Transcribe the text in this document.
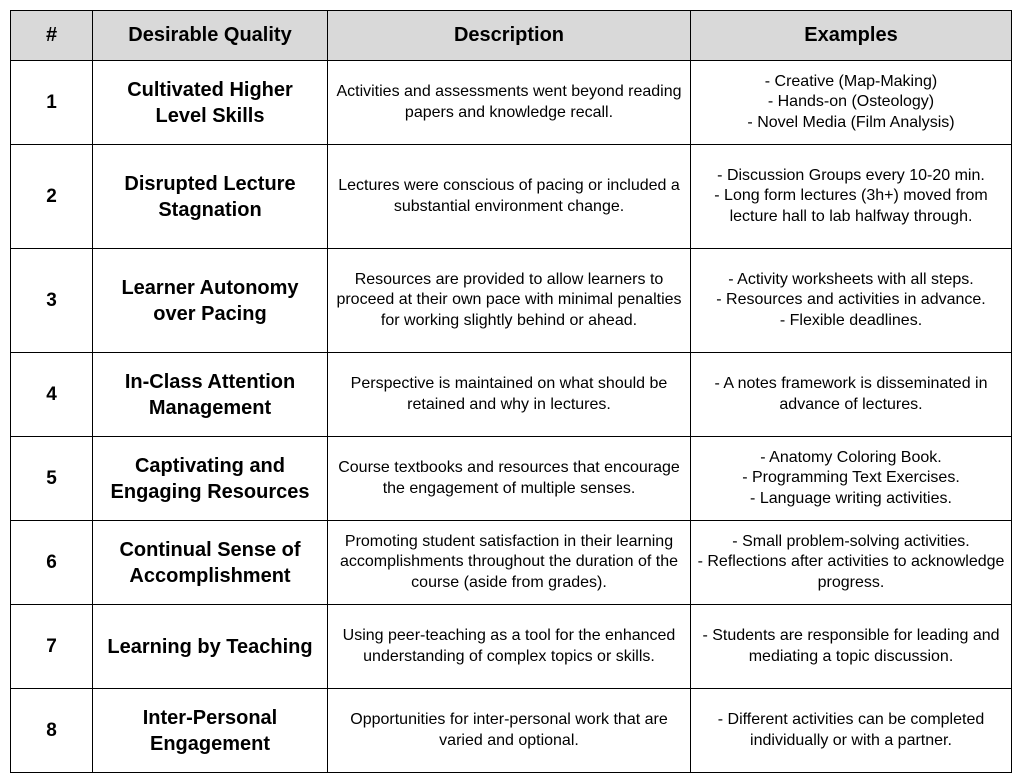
#	Desirable Quality	Description	Examples
1	Cultivated Higher Level Skills	Activities and assessments went beyond reading papers and knowledge recall.	- Creative (Map-Making)
- Hands-on (Osteology)
- Novel Media (Film Analysis)

2	Disrupted Lecture Stagnation	Lectures were conscious of pacing or included a substantial environment change.	- Discussion Groups every 10-20 min.
- Long form lectures (3h+) moved from lecture hall to lab halfway through.

3	Learner Autonomy over Pacing	Resources are provided to allow learners to proceed at their own pace with minimal penalties for working slightly behind or ahead.	- Activity worksheets with all steps.
- Resources and activities in advance.
- Flexible deadlines.

4	In-Class Attention Management	Perspective is maintained on what should be retained and why in lectures.	- A notes framework is disseminated in advance of lectures.

5	Captivating and Engaging Resources	Course textbooks and resources that encourage the engagement of multiple senses.	- Anatomy Coloring Book.
- Programming Text Exercises.
- Language writing activities.

6	Continual Sense of Accomplishment	Promoting student satisfaction in their learning accomplishments throughout the duration of the course (aside from grades).	- Small problem-solving activities.
- Reflections after activities to acknowledge progress.

7	Learning by Teaching	Using peer-teaching as a tool for the enhanced understanding of complex topics or skills.	- Students are responsible for leading and mediating a topic discussion.

8	Inter-Personal Engagement	Opportunities for inter-personal work that are varied and optional.	- Different activities can be completed individually or with a partner.
